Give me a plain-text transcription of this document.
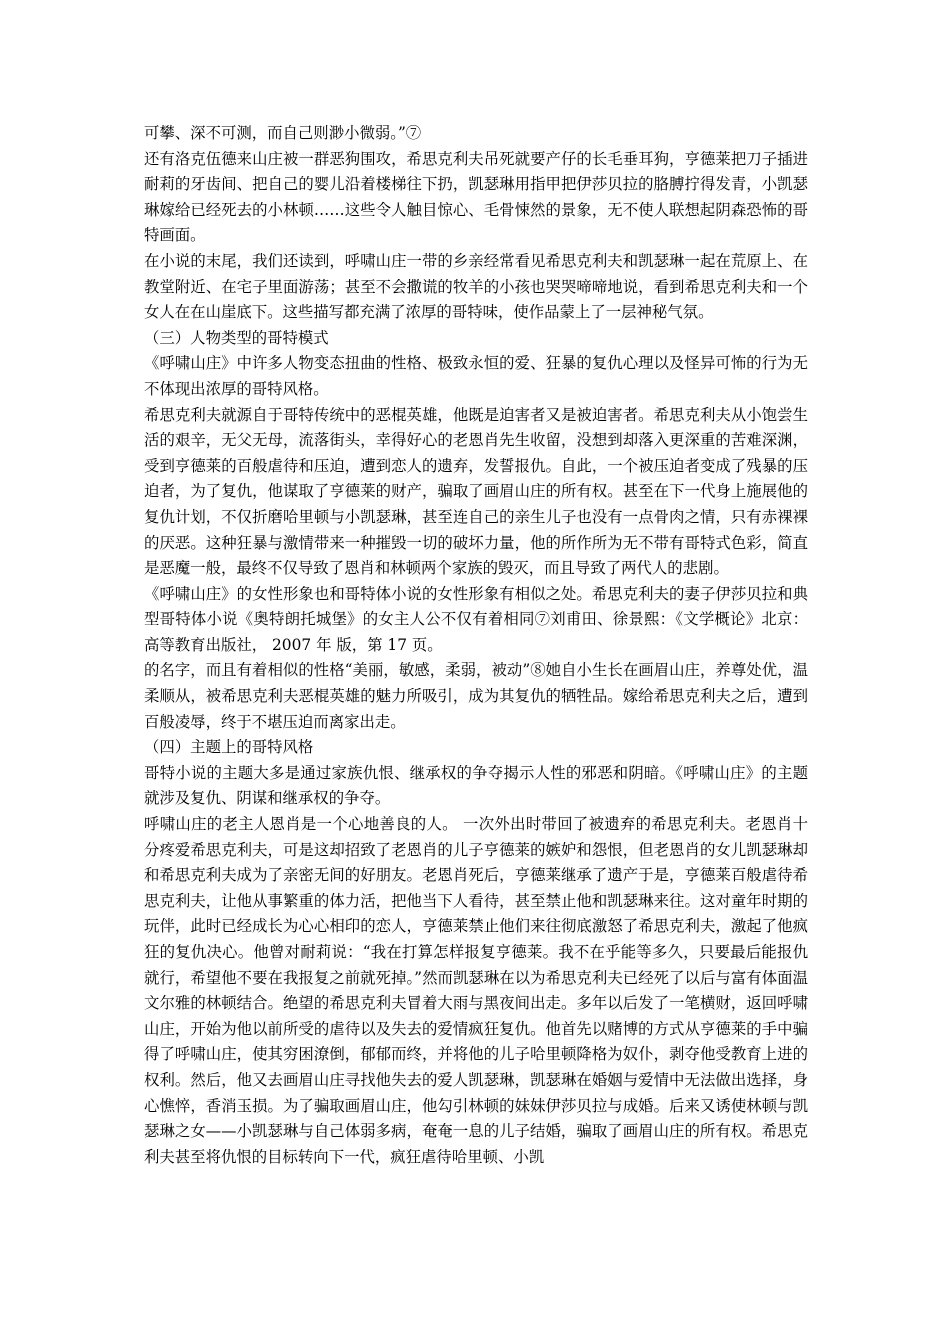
可攀、深不可测，而自己则渺小微弱。”⑦

还有洛克伍德来山庄被一群恶狗围攻，希思克利夫吊死就要产仔的长毛垂耳狗，亨德莱把刀子插进耐莉的牙齿间、把自己的婴儿沿着楼梯往下扔，凯瑟琳用指甲把伊莎贝拉的胳膊拧得发青，小凯瑟琳嫁给已经死去的小林顿……这些令人触目惊心、毛骨悚然的景象，无不使人联想起阴森恐怖的哥特画面。

在小说的末尾，我们还读到，呼啸山庄一带的乡亲经常看见希思克利夫和凯瑟琳一起在荒原上、在教堂附近、在宅子里面游荡；甚至不会撒谎的牧羊的小孩也哭哭啼啼地说，看到希思克利夫和一个女人在在山崖底下。这些描写都充满了浓厚的哥特味，使作品蒙上了一层神秘气氛。

（三）人物类型的哥特模式

《呼啸山庄》中许多人物变态扭曲的性格、极致永恒的爱、狂暴的复仇心理以及怪异可怖的行为无不体现出浓厚的哥特风格。

希思克利夫就源自于哥特传统中的恶棍英雄，他既是迫害者又是被迫害者。希思克利夫从小饱尝生活的艰辛，无父无母，流落街头，幸得好心的老恩肖先生收留，没想到却落入更深重的苦难深渊，受到亨德莱的百般虐待和压迫，遭到恋人的遗弃，发誓报仇。自此，一个被压迫者变成了残暴的压迫者，为了复仇，他谋取了亨德莱的财产，骗取了画眉山庄的所有权。甚至在下一代身上施展他的复仇计划，不仅折磨哈里顿与小凯瑟琳，甚至连自己的亲生儿子也没有一点骨肉之情，只有赤裸裸的厌恶。这种狂暴与激情带来一种摧毁一切的破坏力量，他的所作所为无不带有哥特式色彩，简直是恶魔一般，最终不仅导致了恩肖和林顿两个家族的毁灭，而且导致了两代人的悲剧。

《呼啸山庄》的女性形象也和哥特体小说的女性形象有相似之处。希思克利夫的妻子伊莎贝拉和典型哥特体小说《奥特朗托城堡》的女主人公不仅有着相同⑦刘甫田、徐景熙：《文学概论》北京：高等教育出版社， 2007 年 版，第 17 页。

的名字，而且有着相似的性格“美丽，敏感，柔弱，被动”⑧她自小生长在画眉山庄，养尊处优，温柔顺从，被希思克利夫恶棍英雄的魅力所吸引，成为其复仇的牺牲品。嫁给希思克利夫之后，遭到百般凌辱，终于不堪压迫而离家出走。

（四）主题上的哥特风格

哥特小说的主题大多是通过家族仇恨、继承权的争夺揭示人性的邪恶和阴暗。《呼啸山庄》的主题就涉及复仇、阴谋和继承权的争夺。

呼啸山庄的老主人恩肖是一个心地善良的人。 一次外出时带回了被遗弃的希思克利夫。老恩肖十分疼爱希思克利夫，可是这却招致了老恩肖的儿子亨德莱的嫉妒和怨恨，但老恩肖的女儿凯瑟琳却和希思克利夫成为了亲密无间的好朋友。老恩肖死后，亨德莱继承了遗产于是，亨德莱百般虐待希思克利夫，让他从事繁重的体力活，把他当下人看待，甚至禁止他和凯瑟琳来往。这对童年时期的玩伴，此时已经成长为心心相印的恋人，亨德莱禁止他们来往彻底激怒了希思克利夫，激起了他疯狂的复仇决心。他曾对耐莉说：“我在打算怎样报复亨德莱。我不在乎能等多久，只要最后能报仇就行，希望他不要在我报复之前就死掉。”然而凯瑟琳在以为希思克利夫已经死了以后与富有体面温文尔雅的林顿结合。绝望的希思克利夫冒着大雨与黑夜间出走。多年以后发了一笔横财，返回呼啸山庄，开始为他以前所受的虐待以及失去的爱情疯狂复仇。他首先以赌博的方式从亨德莱的手中骗得了呼啸山庄，使其穷困潦倒，郁郁而终，并将他的儿子哈里顿降格为奴仆，剥夺他受教育上进的权利。然后，他又去画眉山庄寻找他失去的爱人凯瑟琳，凯瑟琳在婚姻与爱情中无法做出选择，身心憔悴，香消玉损。为了骗取画眉山庄，他勾引林顿的妹妹伊莎贝拉与成婚。后来又诱使林顿与凯瑟琳之女——小凯瑟琳与自己体弱多病，奄奄一息的儿子结婚，骗取了画眉山庄的所有权。希思克利夫甚至将仇恨的目标转向下一代，疯狂虐待哈里顿、小凯
